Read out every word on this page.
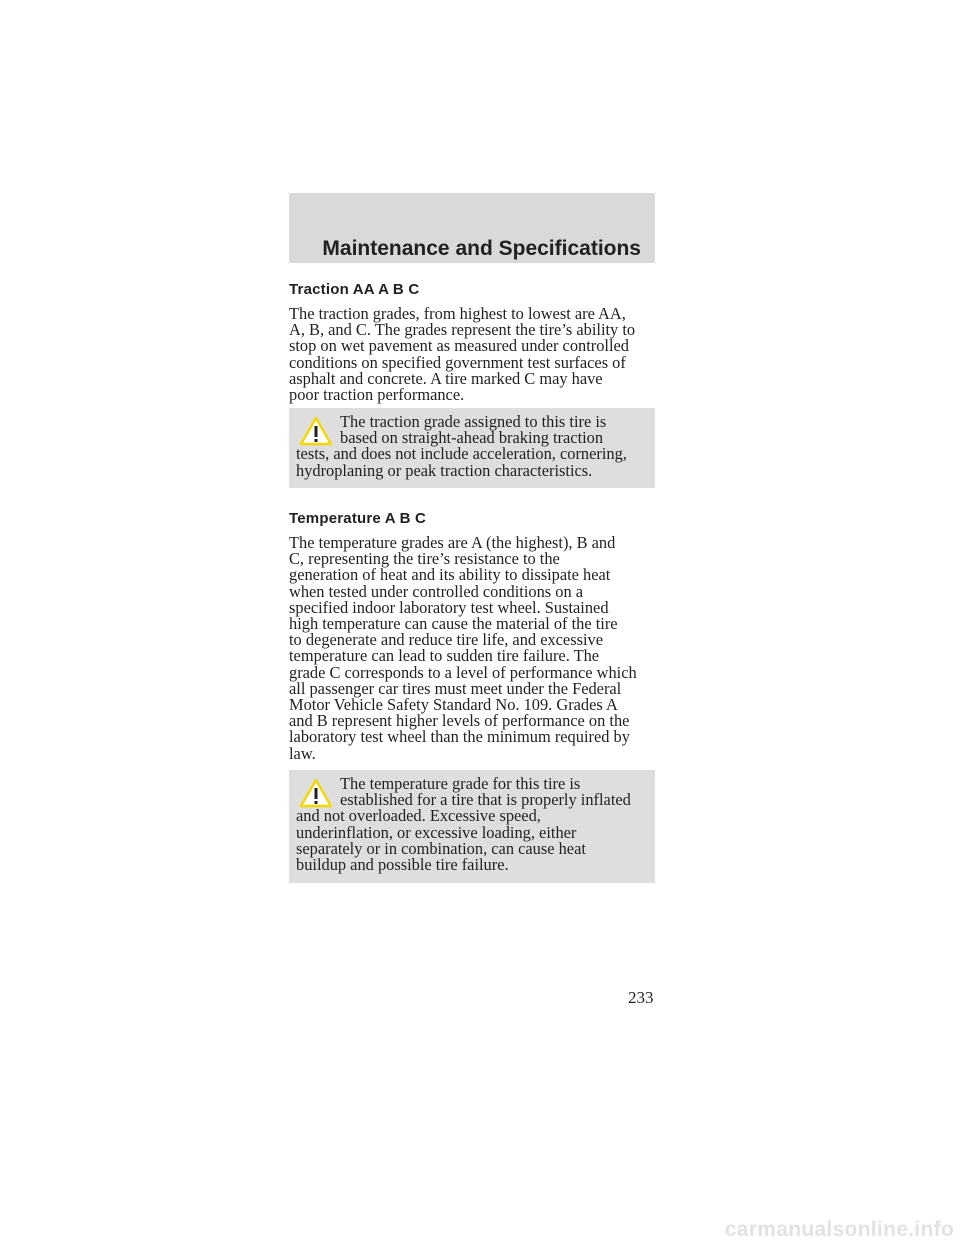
Maintenance and Specifications
Traction AA A B C
The traction grades, from highest to lowest are AA,
A, B, and C. The grades represent the tire’s ability to
stop on wet pavement as measured under controlled
conditions on specified government test surfaces of
asphalt and concrete. A tire marked C may have
poor traction performance.
The traction grade assigned to this tire is
based on straight-ahead braking traction
tests, and does not include acceleration, cornering,
hydroplaning or peak traction characteristics.
Temperature A B C
The temperature grades are A (the highest), B and
C, representing the tire’s resistance to the
generation of heat and its ability to dissipate heat
when tested under controlled conditions on a
specified indoor laboratory test wheel. Sustained
high temperature can cause the material of the tire
to degenerate and reduce tire life, and excessive
temperature can lead to sudden tire failure. The
grade C corresponds to a level of performance which
all passenger car tires must meet under the Federal
Motor Vehicle Safety Standard No. 109. Grades A
and B represent higher levels of performance on the
laboratory test wheel than the minimum required by
law.
The temperature grade for this tire is
established for a tire that is properly inflated
and not overloaded. Excessive speed,
underinflation, or excessive loading, either
separately or in combination, can cause heat
buildup and possible tire failure.
233
carmanualsonline.info
